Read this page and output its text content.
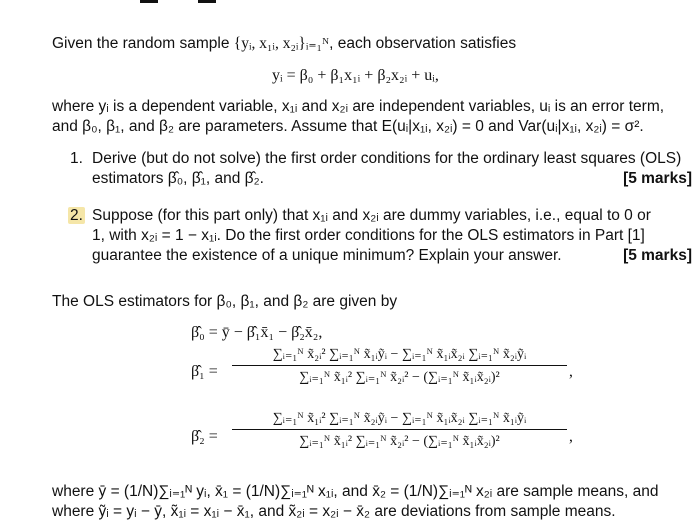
Given the random sample {yᵢ, x₁ᵢ, x₂ᵢ}ᵢ₌₁ᴺ, each observation satisfies
yᵢ = β₀ + β₁x₁ᵢ + β₂x₂ᵢ + uᵢ,
where yᵢ is a dependent variable, x₁ᵢ and x₂ᵢ are independent variables, uᵢ is an error term,
and β₀, β₁, and β₂ are parameters. Assume that E(uᵢ|x₁ᵢ, x₂ᵢ) = 0 and Var(uᵢ|x₁ᵢ, x₂ᵢ) = σ².
1. Derive (but do not solve) the first order conditions for the ordinary least squares (OLS)
estimators β̂₀, β̂₁, and β̂₂.	[5 marks]
2. Suppose (for this part only) that x₁ᵢ and x₂ᵢ are dummy variables, i.e., equal to 0 or
1, with x₂ᵢ = 1 − x₁ᵢ. Do the first order conditions for the OLS estimators in Part [1]
guarantee the existence of a unique minimum? Explain your answer.	[5 marks]
The OLS estimators for β₀, β₁, and β₂ are given by
β̂₀ = ȳ − β̂₁x̄₁ − β̂₂x̄₂,
β̂₁ =
∑ᵢ₌₁ᴺ x̃₂ᵢ² ∑ᵢ₌₁ᴺ x̃₁ᵢỹᵢ − ∑ᵢ₌₁ᴺ x̃₁ᵢx̃₂ᵢ ∑ᵢ₌₁ᴺ x̃₂ᵢỹᵢ
∑ᵢ₌₁ᴺ x̃₁ᵢ² ∑ᵢ₌₁ᴺ x̃₂ᵢ² − (∑ᵢ₌₁ᴺ x̃₁ᵢx̃₂ᵢ)²	,
β̂₂ =
∑ᵢ₌₁ᴺ x̃₁ᵢ² ∑ᵢ₌₁ᴺ x̃₂ᵢỹᵢ − ∑ᵢ₌₁ᴺ x̃₁ᵢx̃₂ᵢ ∑ᵢ₌₁ᴺ x̃₁ᵢỹᵢ
∑ᵢ₌₁ᴺ x̃₁ᵢ² ∑ᵢ₌₁ᴺ x̃₂ᵢ² − (∑ᵢ₌₁ᴺ x̃₁ᵢx̃₂ᵢ)²	,
where ȳ = (1/N)∑ᵢ₌₁ᴺ yᵢ, x̄₁ = (1/N)∑ᵢ₌₁ᴺ x₁ᵢ, and x̄₂ = (1/N)∑ᵢ₌₁ᴺ x₂ᵢ are sample means, and
where ỹᵢ = yᵢ − ȳ, x̃₁ᵢ = x₁ᵢ − x̄₁, and x̃₂ᵢ = x₂ᵢ − x̄₂ are deviations from sample means.
